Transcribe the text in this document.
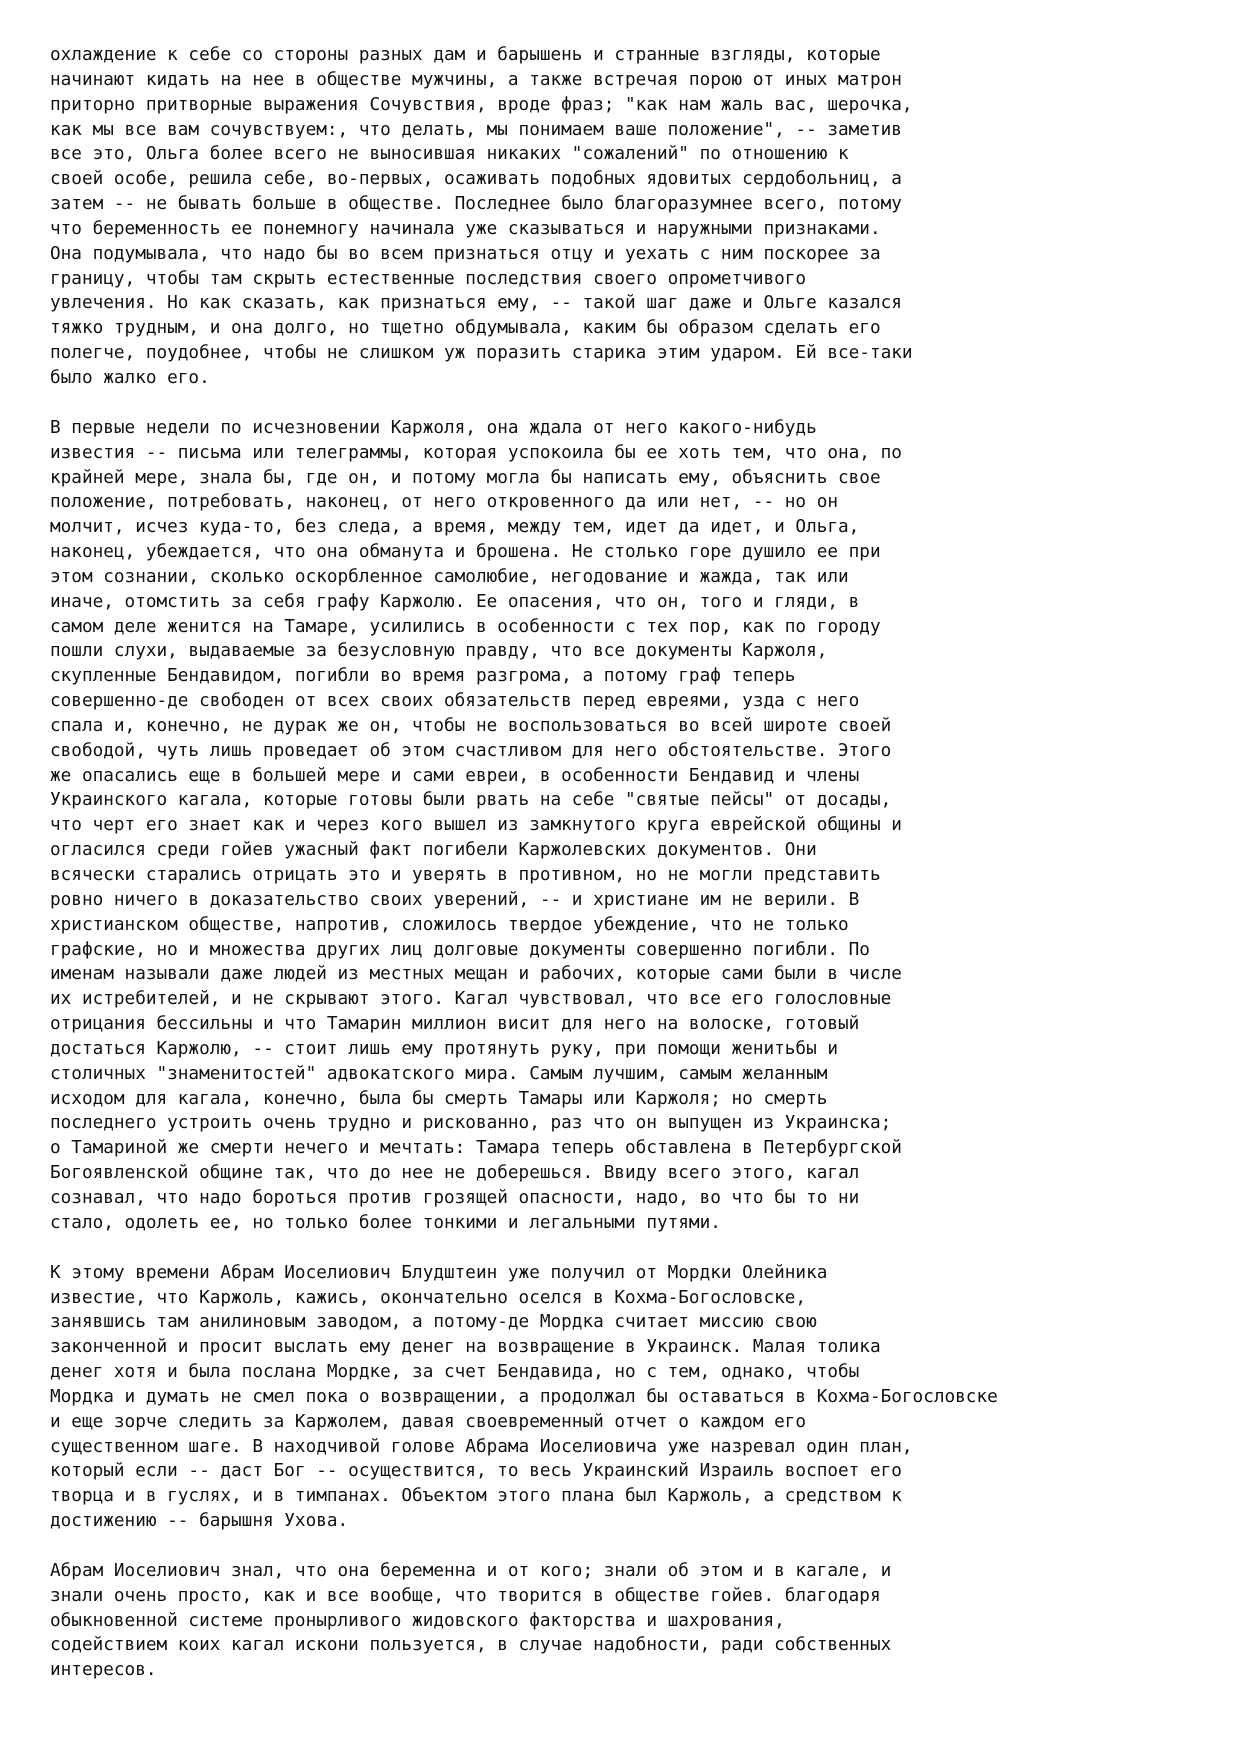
охлаждение к себе со стороны разных дам и барышень и странные взгляды, которые
начинают кидать на нее в обществе мужчины, а также встречая порою от иных матрон
приторно притворные выражения Сочувствия, вроде фраз; "как нам жаль вас, шерочка,
как мы все вам сочувствуем:, что делать, мы понимаем ваше положение", -- заметив
все это, Ольга более всего не выносившая никаких "сожалений" по отношению к
своей особе, решила себе, во-первых, осаживать подобных ядовитых сердобольниц, а
затем -- не бывать больше в обществе. Последнее было благоразумнее всего, потому
что беременность ее понемногу начинала уже сказываться и наружными признаками.
Она подумывала, что надо бы во всем признаться отцу и уехать с ним поскорее за
границу, чтобы там скрыть естественные последствия своего опрометчивого
увлечения. Но как сказать, как признаться ему, -- такой шаг даже и Ольге казался
тяжко трудным, и она долго, но тщетно обдумывала, каким бы образом сделать его
полегче, поудобнее, чтобы не слишком уж поразить старика этим ударом. Ей все-таки
было жалко его.

В первые недели по исчезновении Каржоля, она ждала от него какого-нибудь
известия -- письма или телеграммы, которая успокоила бы ее хоть тем, что она, по
крайней мере, знала бы, где он, и потому могла бы написать ему, объяснить свое
положение, потребовать, наконец, от него откровенного да или нет, -- но он
молчит, исчез куда-то, без следа, а время, между тем, идет да идет, и Ольга,
наконец, убеждается, что она обманута и брошена. Не столько горе душило ее при
этом сознании, сколько оскорбленное самолюбие, негодование и жажда, так или
иначе, отомстить за себя графу Каржолю. Ее опасения, что он, того и гляди, в
самом деле женится на Тамаре, усилились в особенности с тех пор, как по городу
пошли слухи, выдаваемые за безусловную правду, что все документы Каржоля,
скупленные Бендавидом, погибли во время разгрома, а потому граф теперь
совершенно-де свободен от всех своих обязательств перед евреями, узда с него
спала и, конечно, не дурак же он, чтобы не воспользоваться во всей широте своей
свободой, чуть лишь проведает об этом счастливом для него обстоятельстве. Этого
же опасались еще в большей мере и сами евреи, в особенности Бендавид и члены
Украинского кагала, которые готовы были рвать на себе "святые пейсы" от досады,
что черт его знает как и через кого вышел из замкнутого круга еврейской общины и
огласился среди гойев ужасный факт погибели Каржолевских документов. Они
всячески старались отрицать это и уверять в противном, но не могли представить
ровно ничего в доказательство своих уверений, -- и христиане им не верили. В
христианском обществе, напротив, сложилось твердое убеждение, что не только
графские, но и множества других лиц долговые документы совершенно погибли. По
именам называли даже людей из местных мещан и рабочих, которые сами были в числе
их истребителей, и не скрывают этого. Кагал чувствовал, что все его голословные
отрицания бессильны и что Тамарин миллион висит для него на волоске, готовый
достаться Каржолю, -- стоит лишь ему протянуть руку, при помощи женитьбы и
столичных "знаменитостей" адвокатского мира. Самым лучшим, самым желанным
исходом для кагала, конечно, была бы смерть Тамары или Каржоля; но смерть
последнего устроить очень трудно и рискованно, раз что он выпущен из Украинска;
о Тамариной же смерти нечего и мечтать: Тамара теперь обставлена в Петербургской
Богоявленской общине так, что до нее не доберешься. Ввиду всего этого, кагал
сознавал, что надо бороться против грозящей опасности, надо, во что бы то ни
стало, одолеть ее, но только более тонкими и легальными путями.

К этому времени Абрам Иоселиович Блудштеин уже получил от Мордки Олейника
известие, что Каржоль, кажись, окончательно оселся в Кохма-Богословске,
занявшись там анилиновым заводом, а потому-де Мордка считает миссию свою
законченной и просит выслать ему денег на возвращение в Украинск. Малая толика
денег хотя и была послана Мордке, за счет Бендавида, но с тем, однако, чтобы
Мордка и думать не смел пока о возвращении, а продолжал бы оставаться в Кохма-Богословске
и еще зорче следить за Каржолем, давая своевременный отчет о каждом его
существенном шаге. В находчивой голове Абрама Иоселиовича уже назревал один план,
который если -- даст Бог -- осуществится, то весь Украинский Израиль воспоет его
творца и в гуслях, и в тимпанах. Объектом этого плана был Каржоль, а средством к
достижению -- барышня Ухова.

Абрам Иоселиович знал, что она беременна и от кого; знали об этом и в кагале, и
знали очень просто, как и все вообще, что творится в обществе гойев. благодаря
обыкновенной системе пронырливого жидовского факторства и шахрования,
содействием коих кагал искони пользуется, в случае надобности, ради собственных
интересов.
